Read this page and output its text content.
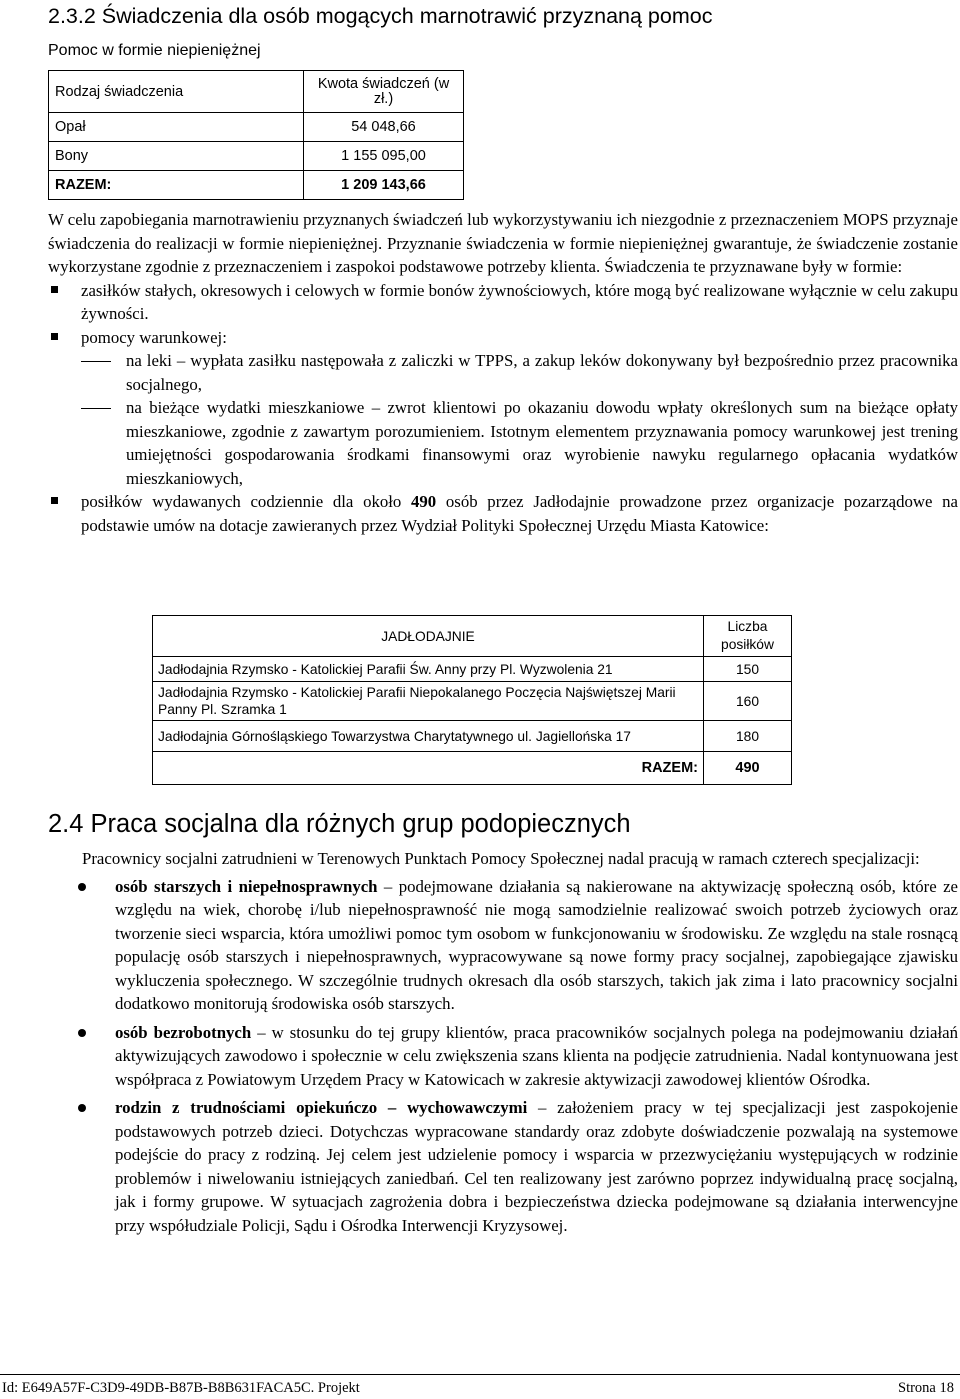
2.3.2 Świadczenia dla osób mogących marnotrawić przyznaną pomoc
Pomoc w formie niepieniężnej
Rodzaj świadczenia	Kwota świadczeń (w zł.)
Opał	54 048,66
Bony	1 155 095,00
RAZEM:	1 209 143,66

W celu zapobiegania marnotrawieniu przyznanych świadczeń lub wykorzystywaniu ich niezgodnie z przeznaczeniem MOPS przyznaje świadczenia do realizacji w formie niepieniężnej. Przyznanie świadczenia w formie niepieniężnej gwarantuje, że świadczenie zostanie wykorzystane zgodnie z przeznaczeniem i zaspokoi podstawowe potrzeby klienta. Świadczenia te przyznawane były w formie:

zasiłków stałych, okresowych i celowych w formie bonów żywnościowych, które mogą być realizowane wyłącznie w celu zakupu żywności.
pomocy warunkowej:
na leki – wypłata zasiłku następowała z zaliczki w TPPS, a zakup leków dokonywany był bezpośrednio przez pracownika socjalnego,
na bieżące wydatki mieszkaniowe – zwrot klientowi po okazaniu dowodu wpłaty określonych sum na bieżące opłaty mieszkaniowe, zgodnie z zawartym porozumieniem. Istotnym elementem przyznawania pomocy warunkowej jest trening umiejętności gospodarowania środkami finansowymi oraz wyrobienie nawyku regularnego opłacania wydatków mieszkaniowych,
posiłków wydawanych codziennie dla około 490 osób przez Jadłodajnie prowadzone przez organizacje pozarządowe na podstawie umów na dotacje zawieranych przez Wydział Polityki Społecznej Urzędu Miasta Katowice:
JADŁODAJNIE	Liczba posiłków
Jadłodajnia Rzymsko - Katolickiej Parafii Św. Anny przy Pl. Wyzwolenia 21	150
Jadłodajnia Rzymsko - Katolickiej Parafii Niepokalanego Poczęcia Najświętszej Marii Panny Pl. Szramka 1	160
Jadłodajnia Górnośląskiego Towarzystwa Charytatywnego ul. Jagiellońska 17	180
RAZEM:	490
2.4 Praca socjalna dla różnych grup podopiecznych

Pracownicy socjalni zatrudnieni w Terenowych Punktach Pomocy Społecznej nadal pracują w ramach czterech specjalizacji:

osób starszych i niepełnosprawnych – podejmowane działania są nakierowane na aktywizację społeczną osób, które ze względu na wiek, chorobę i/lub niepełnosprawność nie mogą samodzielnie realizować swoich potrzeb życiowych oraz tworzenie sieci wsparcia, która umożliwi pomoc tym osobom w funkcjonowaniu w środowisku. Ze względu na stale rosnącą populację osób starszych i niepełnosprawnych, wypracowywane są nowe formy pracy socjalnej, zapobiegające zjawisku wykluczenia społecznego. W szczególnie trudnych okresach dla osób starszych, takich jak zima i lato pracownicy socjalni dodatkowo monitorują środowiska osób starszych.
osób bezrobotnych – w stosunku do tej grupy klientów, praca pracowników socjalnych polega na podejmowaniu działań aktywizujących zawodowo i społecznie w celu zwiększenia szans klienta na podjęcie zatrudnienia. Nadal kontynuowana jest współpraca z Powiatowym Urzędem Pracy w Katowicach w zakresie aktywizacji zawodowej klientów Ośrodka.
rodzin z trudnościami opiekuńczo – wychowawczymi – założeniem pracy w tej specjalizacji jest zaspokojenie podstawowych potrzeb dzieci. Dotychczas wypracowane standardy oraz zdobyte doświadczenie pozwalają na systemowe podejście do pracy z rodziną. Jej celem jest udzielenie pomocy i wsparcia w przezwyciężaniu występujących w rodzinie problemów i niwelowaniu istniejących zaniedbań. Cel ten realizowany jest zarówno poprzez indywidualną pracę socjalną, jak i formy grupowe. W sytuacjach zagrożenia dobra i bezpieczeństwa dziecka podejmowane są działania interwencyjne przy współudziale Policji, Sądu i Ośrodka Interwencji Kryzysowej.
Id: E649A57F-C3D9-49DB-B87B-B8B631FACA5C. Projekt	Strona 18
